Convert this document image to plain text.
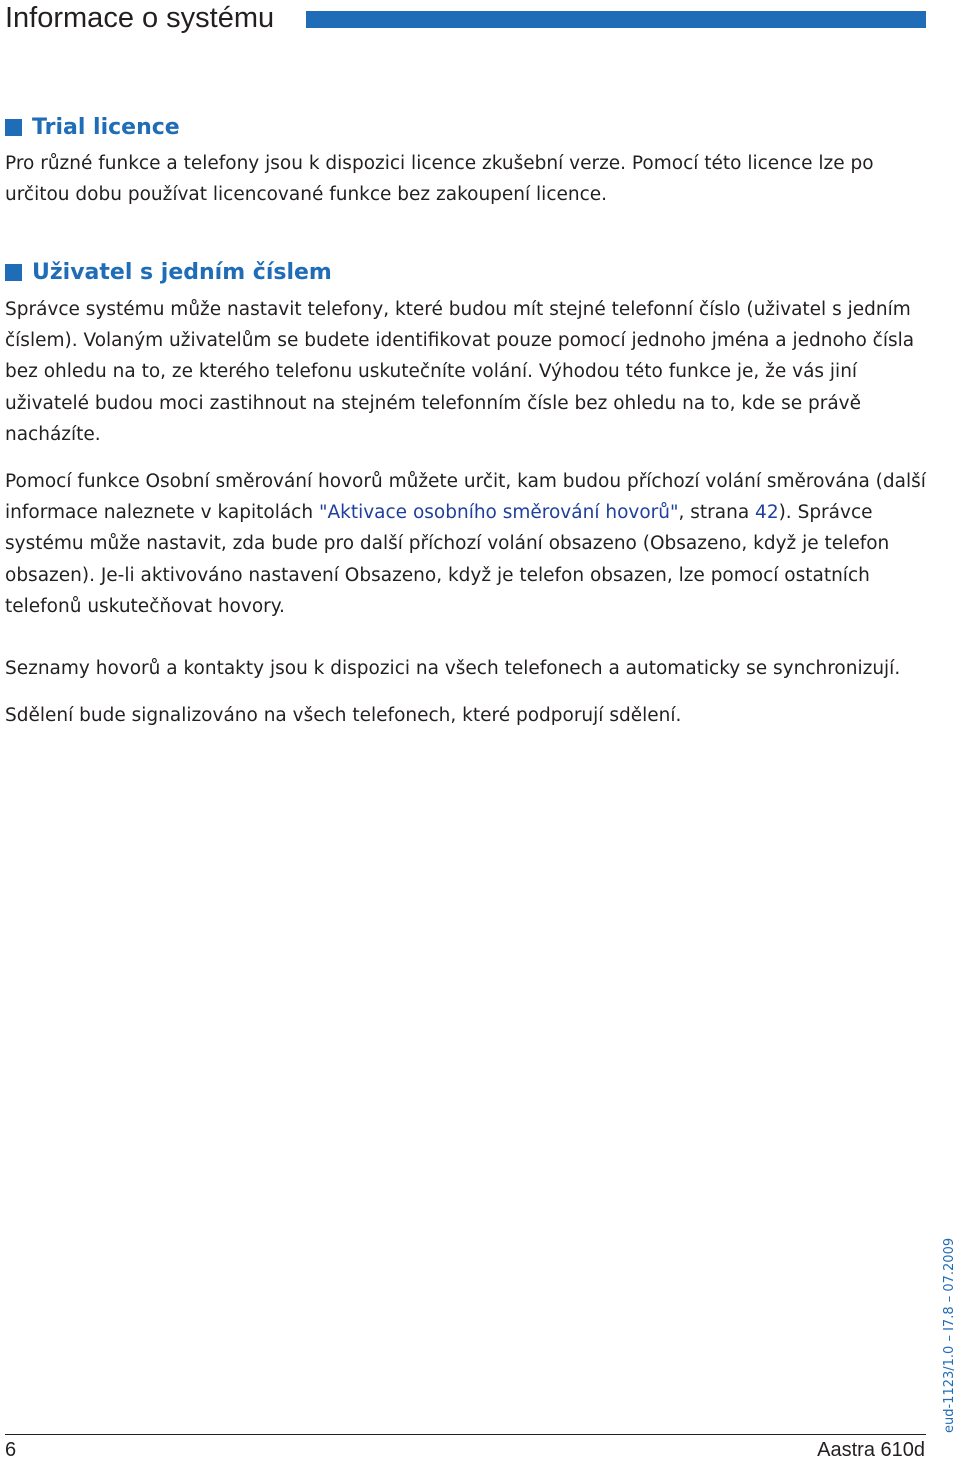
Informace o systému
Trial licence

Pro různé funkce a telefony jsou k dispozici licence zkušební verze. Pomocí této licence lze po určitou dobu používat licencované funkce bez zakoupení licence.

Uživatel s jedním číslem

Správce systému může nastavit telefony, které budou mít stejné telefonní číslo (uživatel s jedním číslem). Volaným uživatelům se budete identifikovat pouze pomocí jednoho jména a jednoho čísla bez ohledu na to, ze kterého telefonu uskutečníte volání. Výhodou této funkce je, že vás jiní uživatelé budou moci zastihnout na stejném telefonním čísle bez ohledu na to, kde se právě nacházíte.

Pomocí funkce Osobní směrování hovorů můžete určit, kam budou příchozí volání směrována (další informace naleznete v kapitolách "Aktivace osobního směrování hovorů", strana 42). Správce systému může nastavit, zda bude pro další příchozí volání obsazeno (Obsazeno, když je telefon obsazen). Je-li aktivováno nastavení Obsazeno, když je telefon obsazen, lze pomocí ostatních telefonů uskutečňovat hovory.

Seznamy hovorů a kontakty jsou k dispozici na všech telefonech a automaticky se synchronizují.

Sdělení bude signalizováno na všech telefonech, které podporují sdělení.

eud-1123/1.0 – I7.8 – 07.2009
6	Aastra 610d
